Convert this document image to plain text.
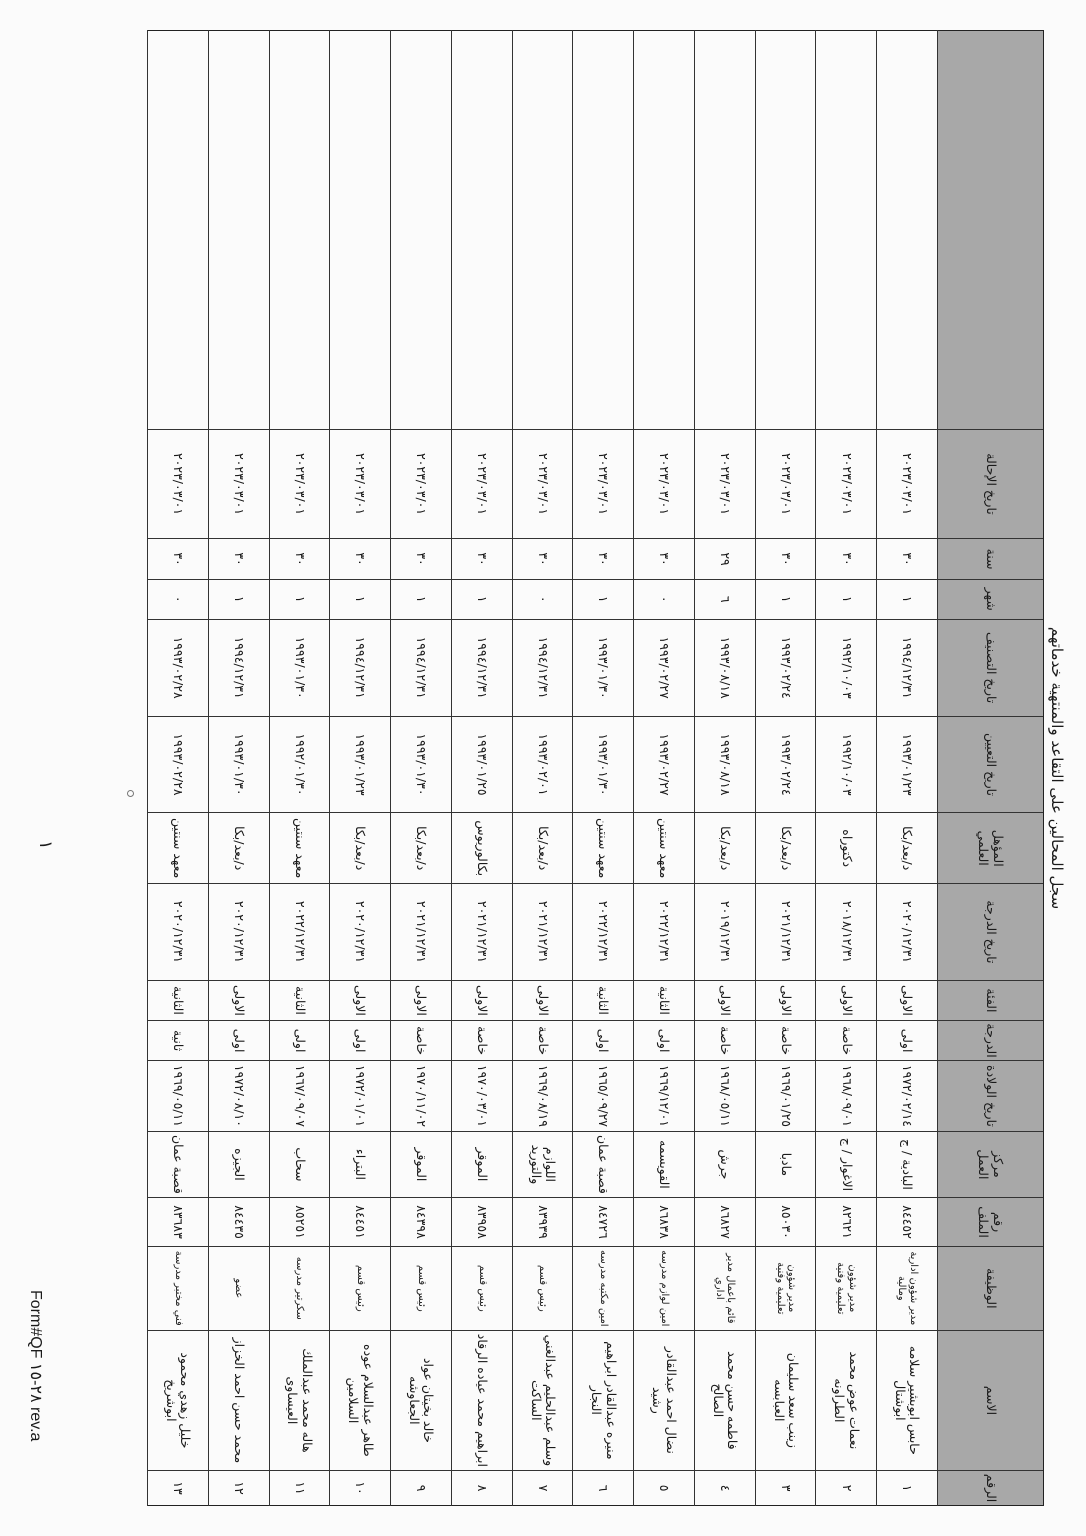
سجل المحالين على التقاعد والمنتهية خدماتهم
الرقم
الاسم
الوظيفة
رقم الملف
مركز العمل
تاريخ الولادة
الدرجة
الفئة
تاريخ الدرجة
المؤهل العلمي
تاريخ التعيين
تاريخ التصنيف
شهر
سنة
تاريخ الإحالة
١
حابس ابوبشير سلامه ابوشتال
مدير شؤون ادارية ومالية
٨٤٤٥٢
البادية / ج
١٩٧٢/٠٢/١٤
اولى
الاولى
٢٠٢٠/١٢/٣١
د/بعد/بكا
١٩٩٣/٠١/٢٣
١٩٩٤/١٢/٣١
١
٣٠
٢٠٢٣/٠٣/٠١
٢
نعمات عوض محمد الطراونه
مدير شؤون تعليمية وفنية
٨٢٦٢١
الاغوار / ج
١٩٦٨/٠٩/٠١
خاصة
الاولى
٢٠١٨/١٢/٣١
دكتوراه
١٩٩٢/١٠/٠٣
١٩٩٢/١٠/٠٣
١
٣٠
٢٠٢٣/٠٣/٠١
٣
زينب سعد سليمان العبابسه
مدير شؤون تعليمية وفنية
٨٥٠٣٠
مادبا
١٩٦٩/٠١/٢٥
خاصة
الاولى
٢٠٢١/١٢/٣١
د/بعد/بكا
١٩٩٣/٠٢/٢٤
١٩٩٣/٠٢/٢٤
١
٣٠
٢٠٢٣/٠٣/٠١
٤
فاطمه حسن محمد الصالح
قائم باعمال مدير اداري
٨٦٨٢٧
جرش
١٩٦٨/٠٥/١١
خاصة
الاولى
٢٠١٩/١٢/٣١
د/بعد/بكا
١٩٩٣/٠٨/١٨
١٩٩٣/٠٨/١٨
٦
٢٩
٢٠٢٣/٠٣/٠١
٥
نضال احمد عبدالقادر رشيد
امين لوازم مدرسه
٨٦٨٣٨
القويسمه
١٩٦٩/١٢/٠١
اولى
الثانية
٢٠٢٢/١٢/٣١
معهد سنتين
١٩٩٣/٠٢/٢٧
١٩٩٣/٠٢/٢٧
٠
٣٠
٢٠٢٣/٠٣/٠١
٦
منيره عبدالقادر ابراهيم النجار
امين مكتبه مدرسه
٨٤٧٢٦
قصبة عمان
١٩٦٥/٠٩/٢٧
اولى
الثانية
٢٠٢٢/١٢/٣١
معهد سنتين
١٩٩٣/٠١/٣٠
١٩٩٣/٠١/٣٠
١
٣٠
٢٠٢٣/٠٣/٠١
٧
وسلم عبدالحليم عبدالغني الساكت
رئيس قسم
٨٣٩٣٩
اللوازم والتوريد
١٩٦٩/٠٨/١٩
خاصة
الاولى
٢٠٢١/١٢/٣١
د/بعد/بكا
١٩٩٣/٠٢/٠١
١٩٩٤/١٢/٣١
٠
٣٠
٢٠٢٣/٠٣/٠١
٨
ابراهيم محمد عياده الرقاد
رئيس قسم
٨٣٩٥٨
الموقر
١٩٧٠/٠٣/٠١
خاصة
الاولى
٢٠٢١/١٢/٣١
بكالوريوس
١٩٩٣/٠١/٢٥
١٩٩٤/١٢/٣١
١
٣٠
٢٠٢٣/٠٣/٠١
٩
خالد بخيتان عواد الجعاوشه
رئيس قسم
٨٤٣٩٨
الموقر
١٩٧٠/١١/٠٢
خاصة
الاولى
٢٠٢١/١٢/٣١
د/بعد/بكا
١٩٩٣/٠١/٣٠
١٩٩٤/١٢/٣١
١
٣٠
٢٠٢٣/٠٣/٠١
١٠
طاهر عبدالسلام عوده السلامين
رئيس قسم
٨٤٤٥١
البتراء
١٩٧٢/٠١/٠١
اولى
الاولى
٢٠٢٠/١٢/٣١
د/بعد/بكا
١٩٩٣/٠١/٢٣
١٩٩٤/١٢/٣١
١
٣٠
٢٠٢٣/٠٣/٠١
١١
هاله محمد عبدالملك العيساوى
سكرتير مدرسه
٨٥٢٥١
سحاب
١٩٦٧/٠٩/٠٧
اولى
الثانية
٢٠٢٢/١٢/٣١
معهد سنتين
١٩٩٢/٠١/٣٠
١٩٩٣/٠١/٣٠
١
٣٠
٢٠٢٣/٠٣/٠١
١٢
محمد حسن احمد الخزاز
عضو
٨٤٤٣٥
الجيزه
١٩٧٢/٠٨/١٠
اولى
الاولى
٢٠٢٠/١٢/٣١
د/بعد/بكا
١٩٩٣/٠١/٣٠
١٩٩٤/١٢/٣١
١
٣٠
٢٠٢٣/٠٣/٠١
١٣
خليل زهدي محمود ابوشريخ
فني مختبر مدرسة
٨٣٦٨٣
قصبة عمان
١٩٦٩/٠٥/١١
ثانية
الثانية
٢٠٢٠/١٢/٣١
معهد سنتين
١٩٩٣/٠٢/٢٨
١٩٩٣/٠٢/٢٨
٠
٣٠
٢٠٢٣/٠٣/٠١
١
Form#QF ٢٨-١٥ rev.a
